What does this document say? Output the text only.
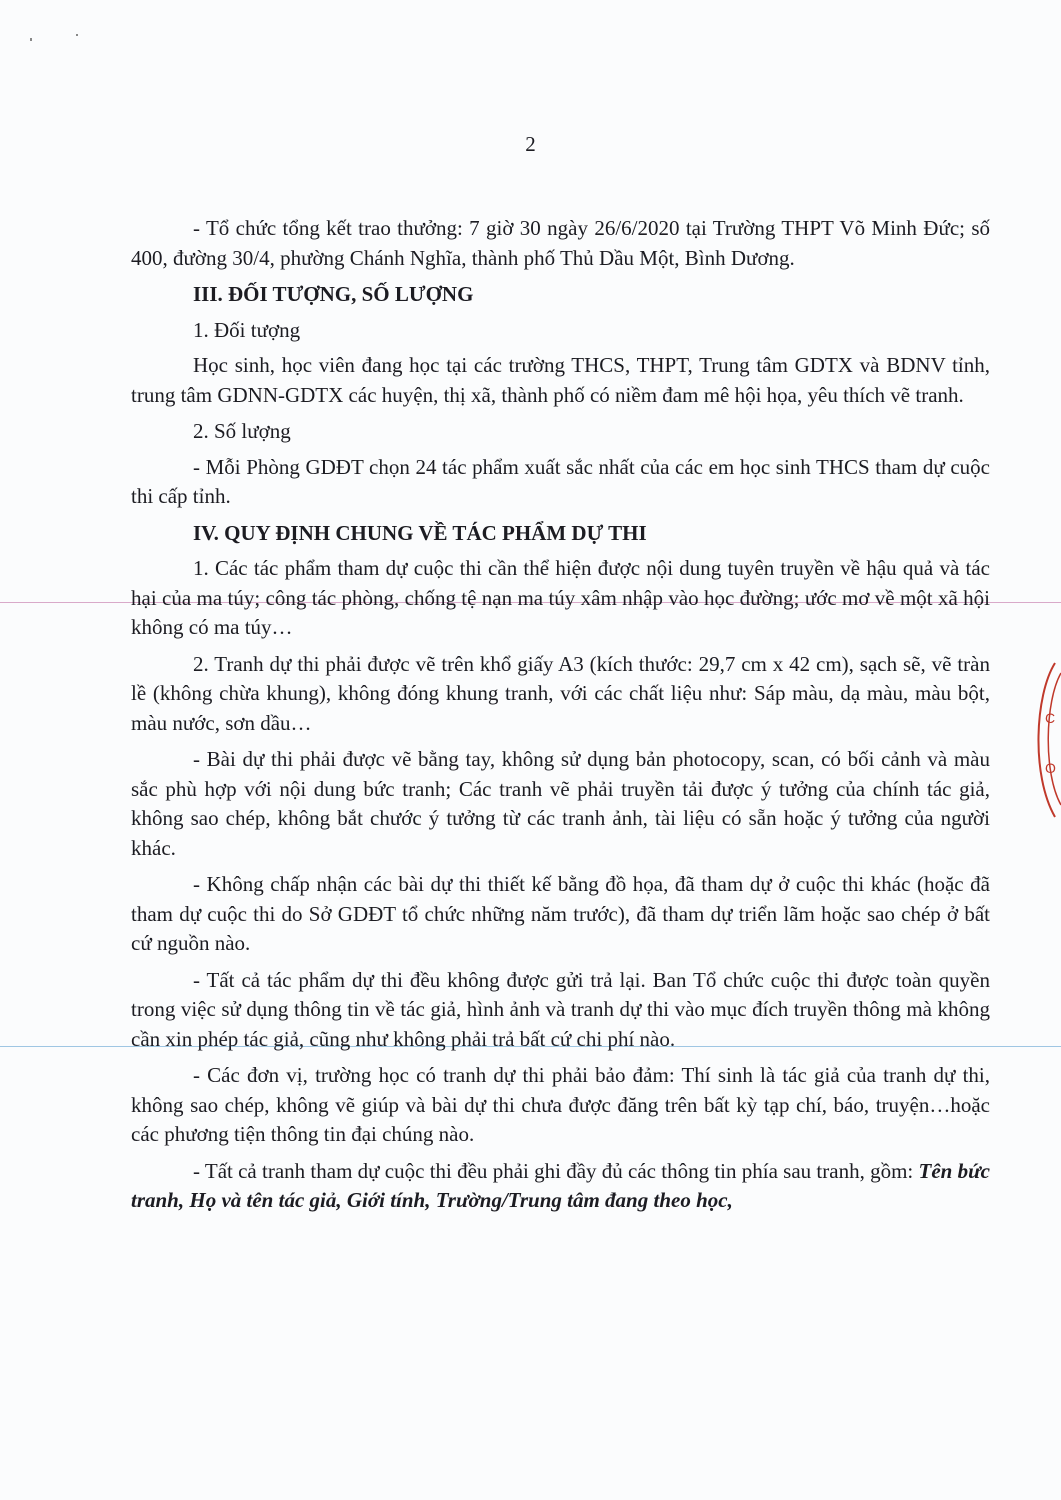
C
O
2

- Tổ chức tổng kết trao thưởng: 7 giờ 30 ngày 26/6/2020 tại Trường THPT Võ Minh Đức; số 400, đường 30/4, phường Chánh Nghĩa, thành phố Thủ Dầu Một, Bình Dương.

III. ĐỐI TƯỢNG, SỐ LƯỢNG
1. Đối tượng

Học sinh, học viên đang học tại các trường THCS, THPT, Trung tâm GDTX và BDNV tỉnh, trung tâm GDNN-GDTX các huyện, thị xã, thành phố có niềm đam mê hội họa, yêu thích vẽ tranh.

2. Số lượng

- Mỗi Phòng GDĐT chọn 24 tác phẩm xuất sắc nhất của các em học sinh THCS tham dự cuộc thi cấp tỉnh.

IV. QUY ĐỊNH CHUNG VỀ TÁC PHẨM DỰ THI

1. Các tác phẩm tham dự cuộc thi cần thể hiện được nội dung tuyên truyền về hậu quả và tác hại của ma túy; công tác phòng, chống tệ nạn ma túy xâm nhập vào học đường; ước mơ về một xã hội không có ma túy…

2. Tranh dự thi phải được vẽ trên khổ giấy A3 (kích thước: 29,7 cm x 42 cm), sạch sẽ, vẽ tràn lề (không chừa khung), không đóng khung tranh, với các chất liệu như: Sáp màu, dạ màu, màu bột, màu nước, sơn dầu…

- Bài dự thi phải được vẽ bằng tay, không sử dụng bản photocopy, scan, có bối cảnh và màu sắc phù hợp với nội dung bức tranh; Các tranh vẽ phải truyền tải được ý tưởng của chính tác giả, không sao chép, không bắt chước ý tưởng từ các tranh ảnh, tài liệu có sẵn hoặc ý tưởng của người khác.

- Không chấp nhận các bài dự thi thiết kế bằng đồ họa, đã tham dự ở cuộc thi khác (hoặc đã tham dự cuộc thi do Sở GDĐT tổ chức những năm trước), đã tham dự triển lãm hoặc sao chép ở bất cứ nguồn nào.

- Tất cả tác phẩm dự thi đều không được gửi trả lại. Ban Tổ chức cuộc thi được toàn quyền trong việc sử dụng thông tin về tác giả, hình ảnh và tranh dự thi vào mục đích truyền thông mà không cần xin phép tác giả, cũng như không phải trả bất cứ chi phí nào.

- Các đơn vị, trường học có tranh dự thi phải bảo đảm: Thí sinh là tác giả của tranh dự thi, không sao chép, không vẽ giúp và bài dự thi chưa được đăng trên bất kỳ tạp chí, báo, truyện…hoặc các phương tiện thông tin đại chúng nào.

- Tất cả tranh tham dự cuộc thi đều phải ghi đầy đủ các thông tin phía sau tranh, gồm: Tên bức tranh, Họ và tên tác giả, Giới tính, Trường/Trung tâm đang theo học,
